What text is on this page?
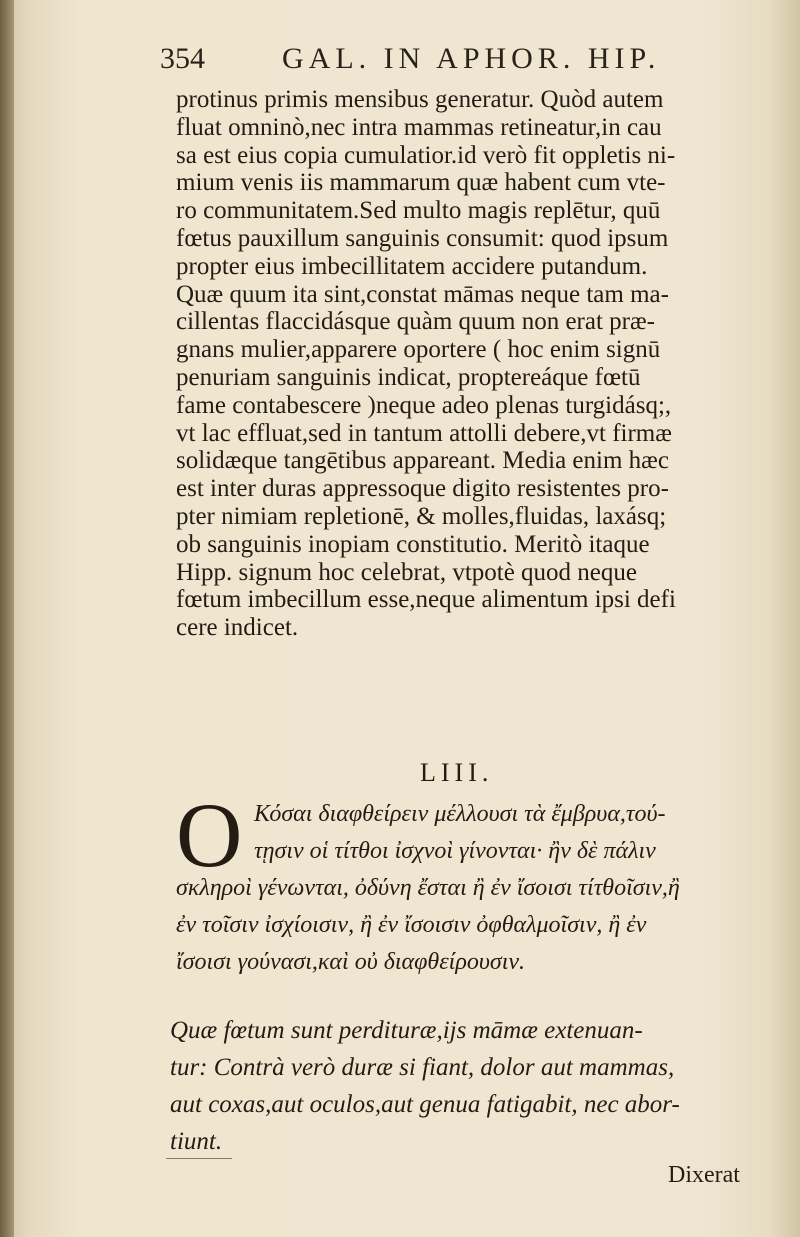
354	GAL. IN APHOR. HIP.
protinus primis mensibus generatur. Quòd autem
fluat omninò,nec intra mammas retineatur,in cau
sa est eius copia cumulatior.id verò fit oppletis ni-
mium venis iis mammarum quæ habent cum vte-
ro communitatem.Sed multo magis replētur, quū
fœtus pauxillum sanguinis consumit: quod ipsum
propter eius imbecillitatem accidere putandum.
Quæ quum ita sint,constat māmas neque tam ma-
cillentas flaccidásque quàm quum non erat præ-
gnans mulier,apparere oportere ( hoc enim signū
penuriam sanguinis indicat, proptereáque fœtū
fame contabescere )neque adeo plenas turgidásq;,
vt lac effluat,sed in tantum attolli debere,vt firmæ
solidæque tangētibus appareant. Media enim hæc
est inter duras appressoque digito resistentes pro-
pter nimiam repletionē, & molles,fluidas, laxásq;
ob sanguinis inopiam constitutio. Meritò itaque
Hipp. signum hoc celebrat, vtpotè quod neque
fœtum imbecillum esse,neque alimentum ipsi defi
cere indicet.
LIII.
O Κόσαι διαφθείρειν μέλλουσι τὰ ἔμβρυα,τού-
τῃσιν οἱ τίτθοι ἰσχνοὶ γίνονται· ἢν δὲ πάλιν
σκληροὶ γένωνται, ὀδύνη ἔσται ἢ ἐν ἴσοισι τίτθοῖσιν,ἢ
ἐν τοῖσιν ἰσχίοισιν, ἢ ἐν ἴσοισιν ὀφθαλμοῖσιν, ἢ ἐν
ἴσοισι γούνασι,καὶ οὐ διαφθείρουσιν.
Quæ fœtum sunt perdituræ,ijs māmæ extenuan-
tur: Contrà verò duræ si fiant, dolor aut mammas,
aut coxas,aut oculos,aut genua fatigabit, nec abor-
tiunt.
Dixerat
